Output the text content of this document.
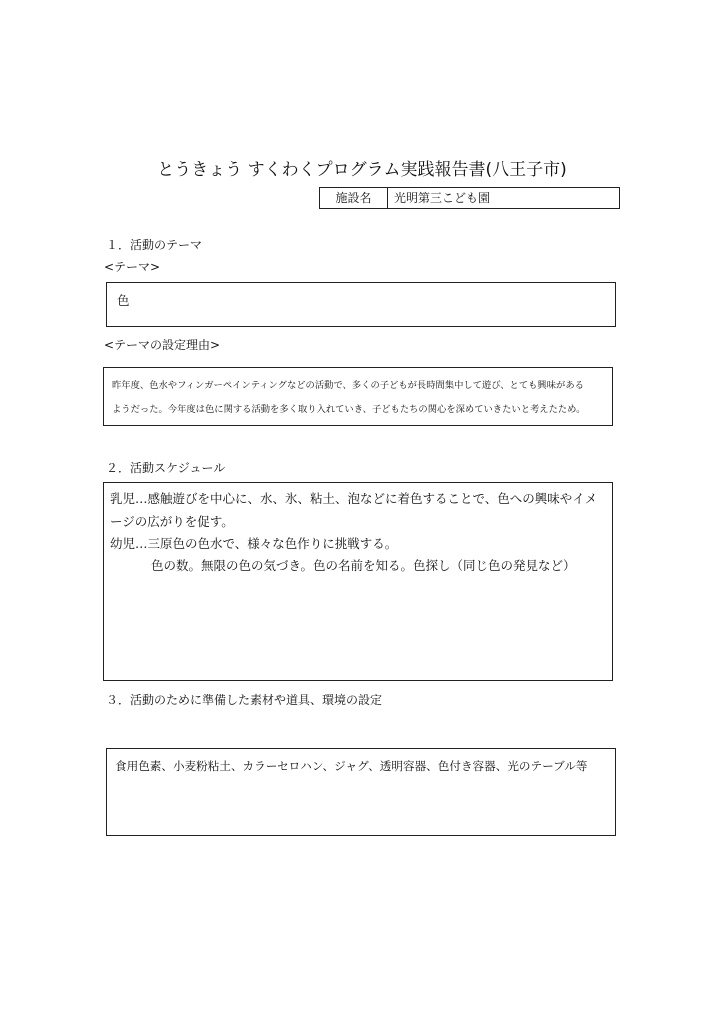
とうきょう すくわくプログラム実践報告書(八王子市)
施設名	光明第三こども園
１．活動のテーマ
<テーマ>
色
<テーマの設定理由>
昨年度、色水やフィンガーペインティングなどの活動で、多くの子どもが長時間集中して遊び、とても興味がある
ようだった。今年度は色に関する活動を多く取り入れていき、子どもたちの関心を深めていきたいと考えたため。
２．活動スケジュール
乳児…感触遊びを中心に、水、氷、粘土、泡などに着色することで、色への興味やイメ
ージの広がりを促す。
幼児…三原色の色水で、様々な色作りに挑戦する。
色の数。無限の色の気づき。色の名前を知る。色探し（同じ色の発見など）
３．活動のために準備した素材や道具、環境の設定
食用色素、小麦粉粘土、カラーセロハン、ジャグ、透明容器、色付き容器、光のテーブル等
